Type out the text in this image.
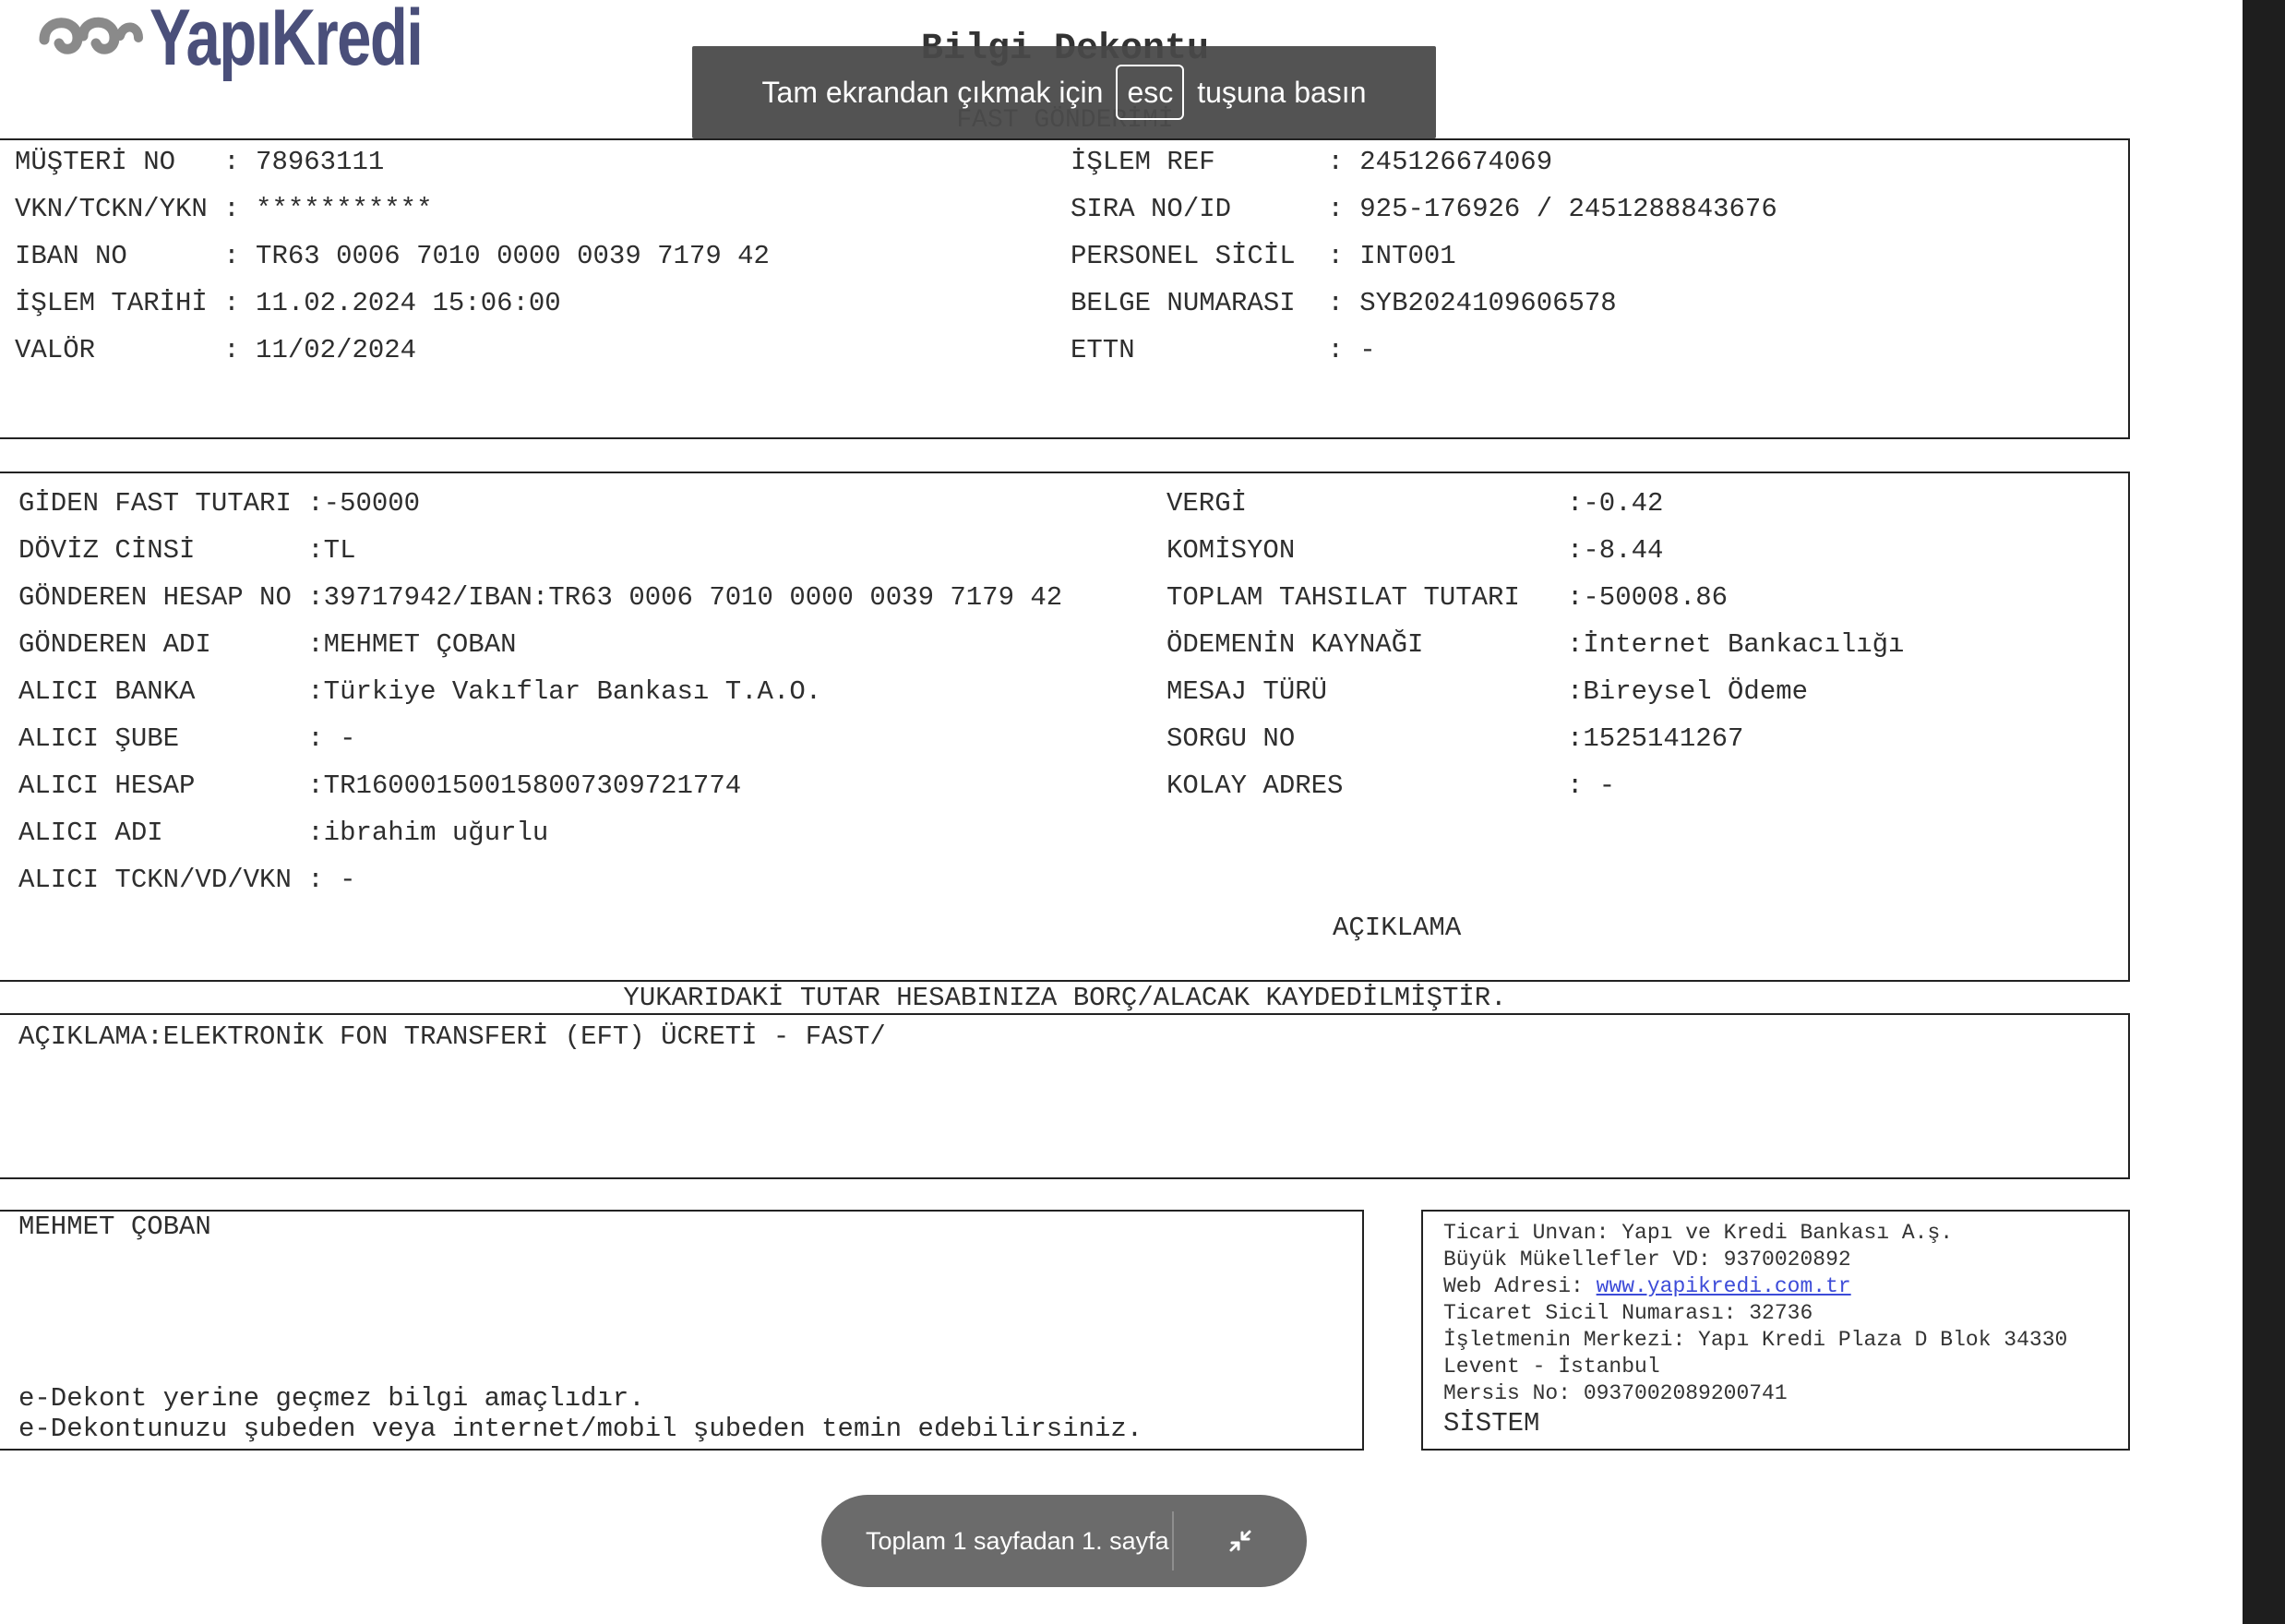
YapıKredi
MÜŞTERİ NO   : 78963111
VKN/TCKN/YKN : ***********
IBAN NO      : TR63 0006 7010 0000 0039 7179 42
İŞLEM TARİHİ : 11.02.2024 15:06:00
VALÖR        : 11/02/2024
İŞLEM REF       : 245126674069
SIRA NO/ID      : 925-176926 / 2451288843676
PERSONEL SİCİL  : INT001
BELGE NUMARASI  : SYB2024109606578
ETTN            : -
GİDEN FAST TUTARI :-50000
DÖVİZ CİNSİ       :TL
GÖNDEREN HESAP NO :39717942/IBAN:TR63 0006 7010 0000 0039 7179 42
GÖNDEREN ADI      :MEHMET ÇOBAN
ALICI BANKA       :Türkiye Vakıflar Bankası T.A.O.
ALICI ŞUBE        : -
ALICI HESAP       :TR160001500158007309721774
ALICI ADI         :ibrahim uğurlu
ALICI TCKN/VD/VKN : -
VERGİ	:-0.42
KOMİSYON	:-8.44
TOPLAM TAHSILAT TUTARI :-50008.86
ÖDEMENİN KAYNAĞI	:İnternet Bankacılığı
MESAJ TÜRÜ	:Bireysel Ödeme
SORGU NO	:1525141267
KOLAY ADRES	: -
AÇIKLAMA
YUKARIDAKİ TUTAR HESABINIZA BORÇ/ALACAK KAYDEDİLMİŞTİR.
AÇIKLAMA:ELEKTRONİK FON TRANSFERİ (EFT) ÜCRETİ - FAST/
MEHMET ÇOBAN
e-Dekont yerine geçmez bilgi amaçlıdır.
e-Dekontunuzu şubeden veya internet/mobil şubeden temin edebilirsiniz.
Ticari Unvan: Yapı ve Kredi Bankası A.ş.
Büyük Mükellefler VD: 9370020892
Web Adresi: www.yapikredi.com.tr
Ticaret Sicil Numarası: 32736
İşletmenin Merkezi: Yapı Kredi Plaza D Blok 34330
Levent - İstanbul
Mersis No: 0937002089200741
SİSTEM
Tam ekrandan çıkmak için esc tuşuna basın
Toplam 1 sayfadan 1. sayfa
